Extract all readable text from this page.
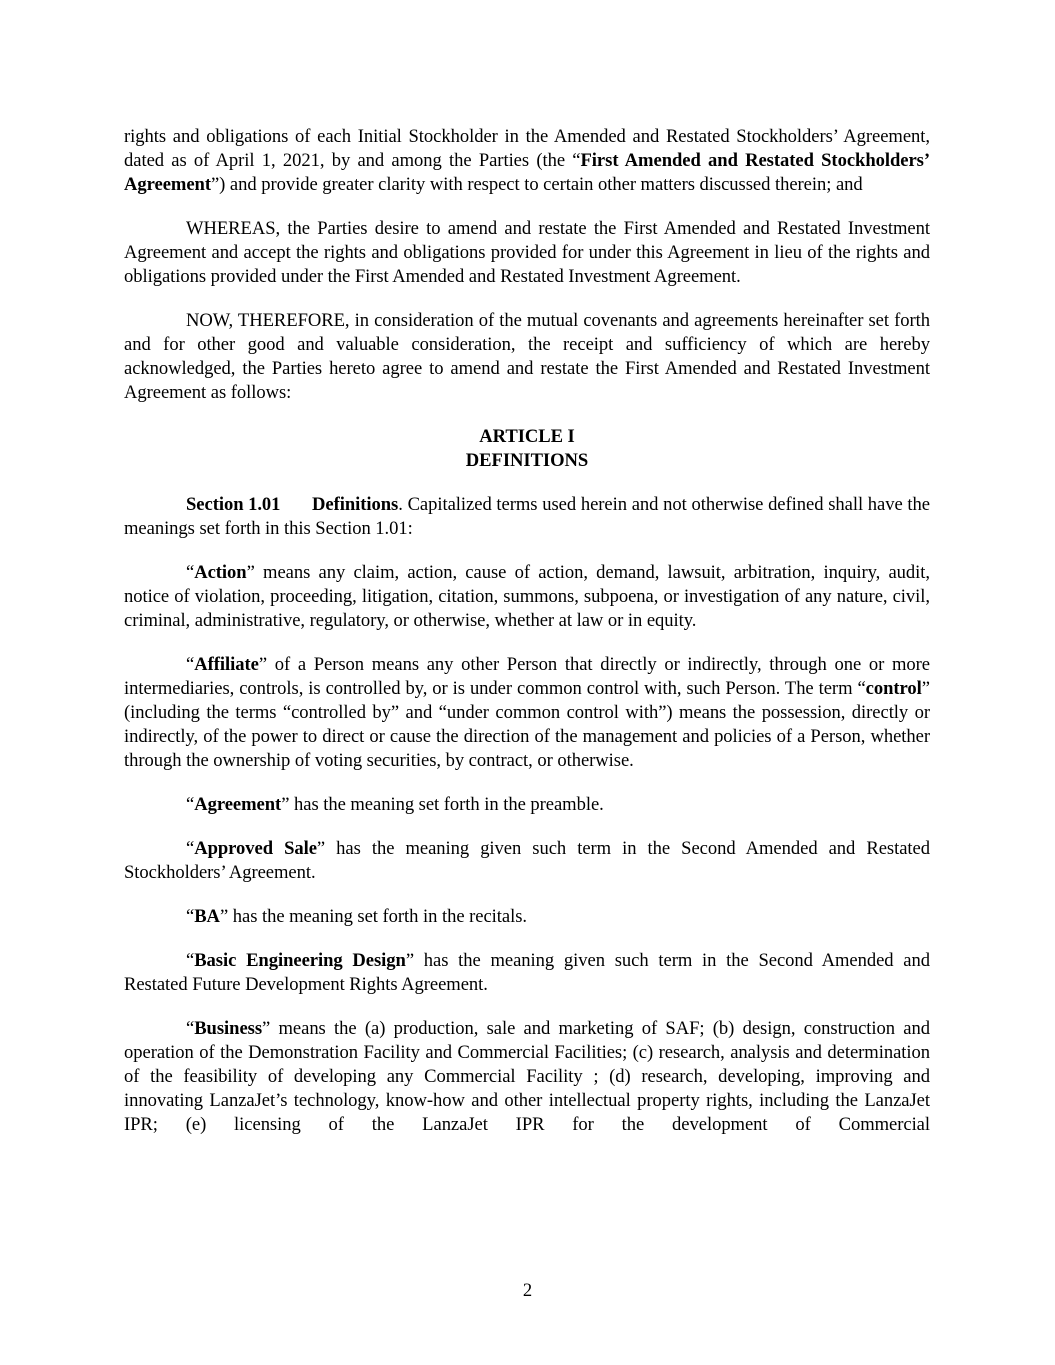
rights and obligations of each Initial Stockholder in the Amended and Restated Stockholders’ Agreement, dated as of April 1, 2021, by and among the Parties (the “First Amended and Restated Stockholders’ Agreement”) and provide greater clarity with respect to certain other matters discussed therein; and

WHEREAS, the Parties desire to amend and restate the First Amended and Restated Investment Agreement and accept the rights and obligations provided for under this Agreement in lieu of the rights and obligations provided under the First Amended and Restated Investment Agreement.

NOW, THEREFORE, in consideration of the mutual covenants and agreements hereinafter set forth and for other good and valuable consideration, the receipt and sufficiency of which are hereby acknowledged, the Parties hereto agree to amend and restate the First Amended and Restated Investment Agreement as follows:

ARTICLE I
DEFINITIONS

Section 1.01 Definitions. Capitalized terms used herein and not otherwise defined shall have the meanings set forth in this Section 1.01:

“Action” means any claim, action, cause of action, demand, lawsuit, arbitration, inquiry, audit, notice of violation, proceeding, litigation, citation, summons, subpoena, or investigation of any nature, civil, criminal, administrative, regulatory, or otherwise, whether at law or in equity.

“Affiliate” of a Person means any other Person that directly or indirectly, through one or more intermediaries, controls, is controlled by, or is under common control with, such Person. The term “control” (including the terms “controlled by” and “under common control with”) means the possession, directly or indirectly, of the power to direct or cause the direction of the management and policies of a Person, whether through the ownership of voting securities, by contract, or otherwise.

“Agreement” has the meaning set forth in the preamble.

“Approved Sale” has the meaning given such term in the Second Amended and Restated Stockholders’ Agreement.

“BA” has the meaning set forth in the recitals.

“Basic Engineering Design” has the meaning given such term in the Second Amended and Restated Future Development Rights Agreement.

“Business” means the (a) production, sale and marketing of SAF; (b) design, construction and operation of the Demonstration Facility and Commercial Facilities; (c) research, analysis and determination of the feasibility of developing any Commercial Facility ; (d) research, developing, improving and innovating LanzaJet’s technology, know-how and other intellectual property rights, including the LanzaJet IPR; (e) licensing of the LanzaJet IPR for the development of Commercial

2
